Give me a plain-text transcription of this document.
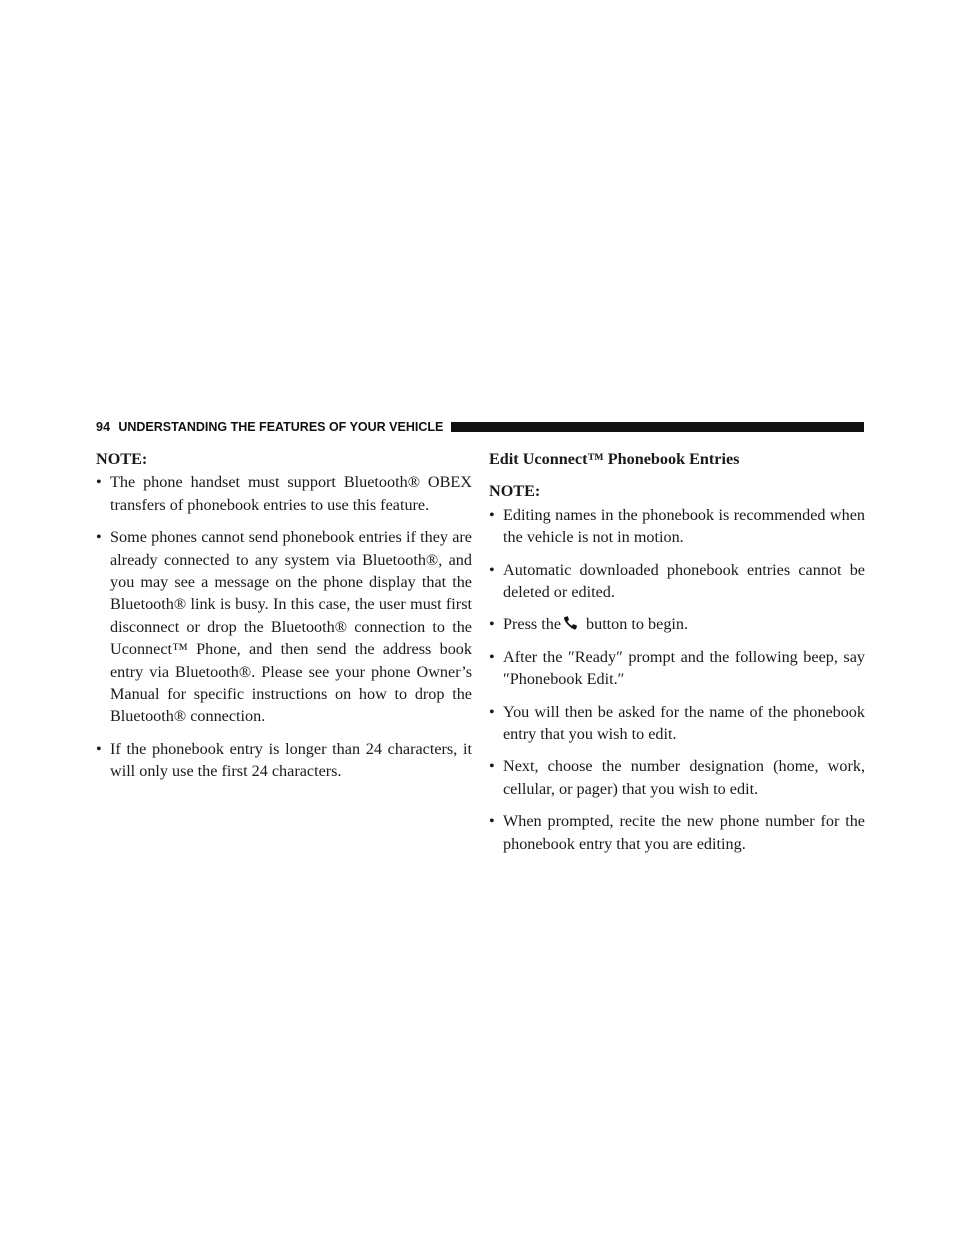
94 UNDERSTANDING THE FEATURES OF YOUR VEHICLE
NOTE:
• The phone handset must support Bluetooth® OBEX transfers of phonebook entries to use this feature.
• Some phones cannot send phonebook entries if they are already connected to any system via Bluetooth®, and you may see a message on the phone display that the Bluetooth® link is busy. In this case, the user must first disconnect or drop the Bluetooth® connection to the Uconnect™ Phone, and then send the address book entry via Bluetooth®. Please see your phone Owner’s Manual for specific instructions on how to drop the Bluetooth® connection.
• If the phonebook entry is longer than 24 characters, it will only use the first 24 characters.
Edit Uconnect™ Phonebook Entries
NOTE:
• Editing names in the phonebook is recommended when the vehicle is not in motion.
• Automatic downloaded phonebook entries cannot be deleted or edited.
• Press the button to begin.
• After the ″Ready″ prompt and the following beep, say ″Phonebook Edit.″
• You will then be asked for the name of the phonebook entry that you wish to edit.
• Next, choose the number designation (home, work, cellular, or pager) that you wish to edit.
• When prompted, recite the new phone number for the phonebook entry that you are editing.
